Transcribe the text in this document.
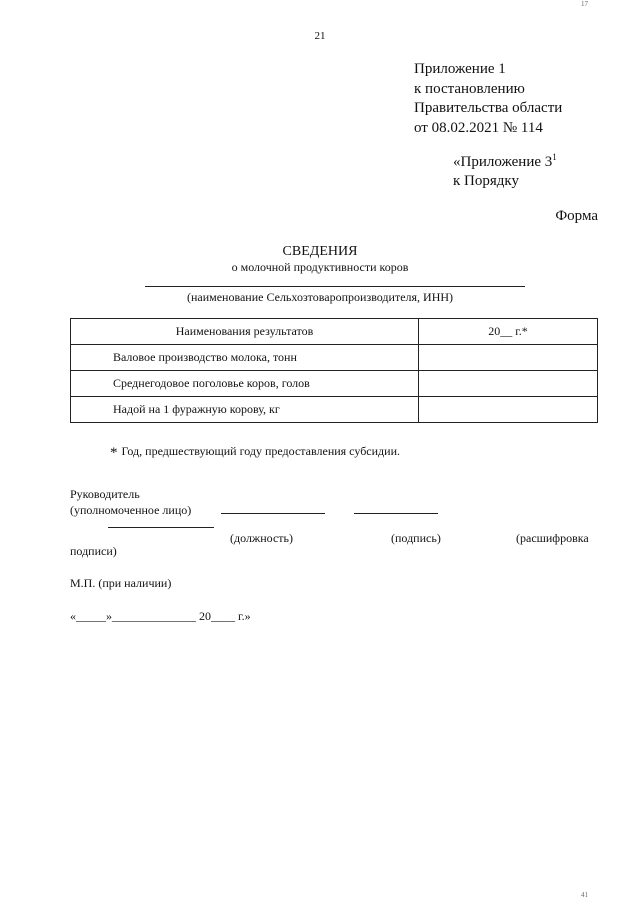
21
17
Приложение 1
к постановлению
Правительства области
от 08.02.2021 № 114
«Приложение $3^1$
к Порядку
Форма
СВЕДЕНИЯ
о молочной продуктивности коров
(наименование Сельхозтоваропроизводителя, ИНН)
Наименования результатов	20__ г.*
Валовое производство молока, тонн	
Среднегодовое поголовье коров, голов	
Надой на 1 фуражную корову, кг	
* Год, предшествующий году предоставления субсидии.
Руководитель
(уполномоченное лицо)
(должность)	(подпись)	(расшифровка
подписи)
М.П. (при наличии)
«_____»______________ 20____ г.»
41
